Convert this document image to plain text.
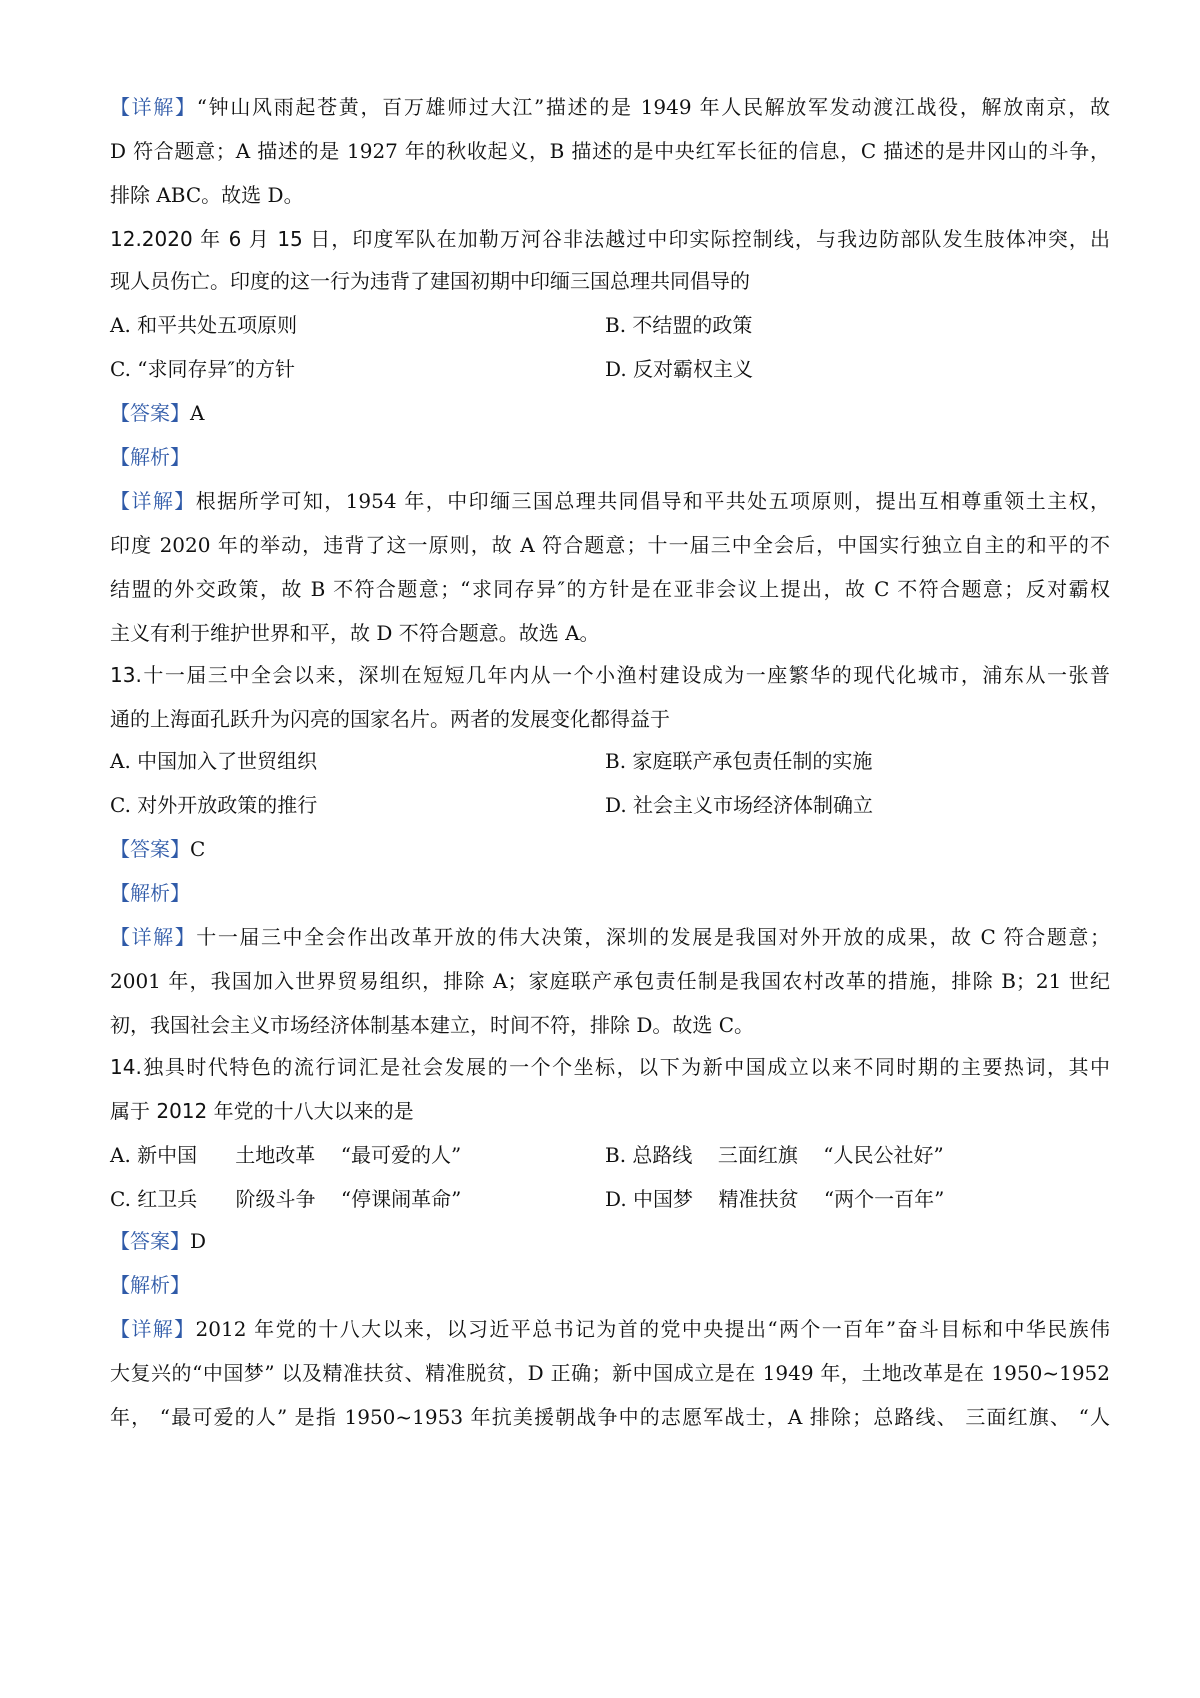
【详解】“钟山风雨起苍黄，百万雄师过大江”描述的是 1949 年人民解放军发动渡江战役，解放南京，故
D 符合题意；A 描述的是 1927 年的秋收起义，B 描述的是中央红军长征的信息，C 描述的是井冈山的斗争，
排除 ABC。故选 D。
12.2020 年 6 月 15 日，印度军队在加勒万河谷非法越过中印实际控制线，与我边防部队发生肢体冲突，出
现人员伤亡。印度的这一行为违背了建国初期中印缅三国总理共同倡导的
A. 和平共处五项原则	B. 不结盟的政策
C. “求同存异″的方针	D. 反对霸权主义
【答案】A
【解析】
【详解】根据所学可知，1954 年，中印缅三国总理共同倡导和平共处五项原则，提出互相尊重领土主权，
印度 2020 年的举动，违背了这一原则，故 A 符合题意；十一届三中全会后，中国实行独立自主的和平的不
结盟的外交政策，故 B 不符合题意；“求同存异″的方针是在亚非会议上提出，故 C 不符合题意；反对霸权
主义有利于维护世界和平，故 D 不符合题意。故选 A。
13.十一届三中全会以来，深圳在短短几年内从一个小渔村建设成为一座繁华的现代化城市，浦东从一张普
通的上海面孔跃升为闪亮的国家名片。两者的发展变化都得益于
A. 中国加入了世贸组织	B. 家庭联产承包责任制的实施
C. 对外开放政策的推行	D. 社会主义市场经济体制确立
【答案】C
【解析】
【详解】十一届三中全会作出改革开放的伟大决策，深圳的发展是我国对外开放的成果，故 C 符合题意；
2001 年，我国加入世界贸易组织，排除 A；家庭联产承包责任制是我国农村改革的措施，排除 B；21 世纪
初，我国社会主义市场经济体制基本建立，时间不符，排除 D。故选 C。
14.独具时代特色的流行词汇是社会发展的一个个坐标，以下为新中国成立以来不同时期的主要热词，其中
属于 2012 年党的十八大以来的是
A. 新中国      土地改革    “最可爱的人”	B. 总路线    三面红旗    “人民公社好”
C. 红卫兵      阶级斗争    “停课闹革命”	D. 中国梦    精准扶贫    “两个一百年”
【答案】D
【解析】
【详解】2012 年党的十八大以来，以习近平总书记为首的党中央提出“两个一百年”奋斗目标和中华民族伟
大复兴的“中国梦” 以及精准扶贫、精准脱贫，D 正确；新中国成立是在 1949 年，土地改革是在 1950~1952
年， “最可爱的人” 是指 1950~1953 年抗美援朝战争中的志愿军战士，A 排除；总路线、 三面红旗、 “人
